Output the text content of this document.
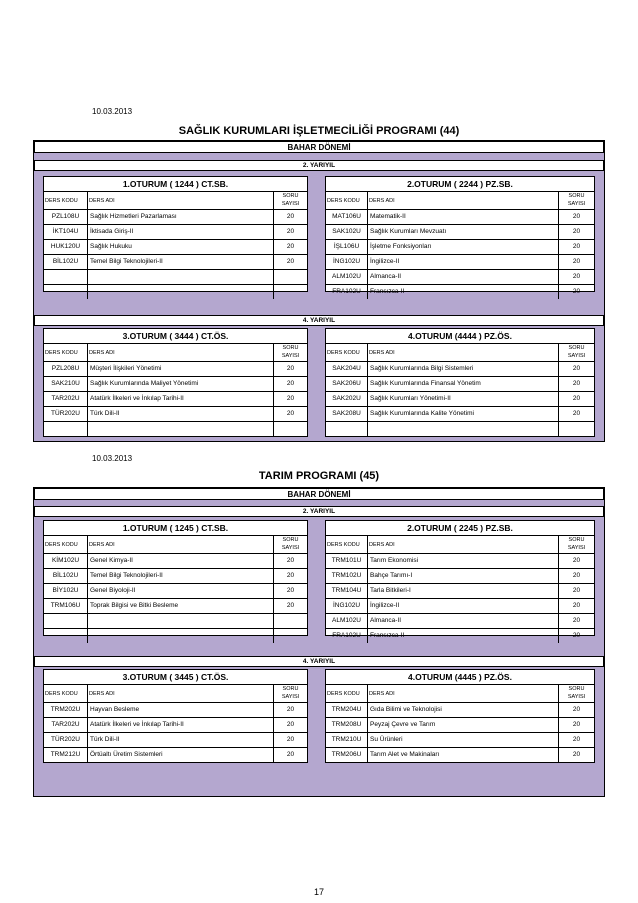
10.03.2013
SAĞLIK KURUMLARI İŞLETMECİLİĞİ PROGRAMI (44)
BAHAR DÖNEMİ
2. YARIYIL
1.OTURUM ( 1244 ) CT.SB.
DERS KODU	DERS ADI
SORU
SAYISI
PZL108U	Sağlık Hizmetleri Pazarlaması	20
İKT104U	İktisada Giriş-II	20
HUK120U	Sağlık Hukuku	20
BİL102U	Temel Bilgi Teknolojileri-II	20
2.OTURUM ( 2244 ) PZ.SB.
DERS KODU	DERS ADI
SORU
SAYISI
MAT106U	Matematik-II	20
SAK102U	Sağlık Kurumları Mevzuatı	20
İŞL106U	İşletme Fonksiyonları	20
İNG102U	İngilizce-II	20
ALM102U	Almanca-II	20
FRA102U	Fransızca-II	20
4. YARIYIL
3.OTURUM ( 3444 ) CT.ÖS.
DERS KODU	DERS ADI
SORU
SAYISI
PZL208U	Müşteri İlişkileri Yönetimi	20
SAK210U	Sağlık Kurumlarında Maliyet Yönetimi	20
TAR202U	Atatürk İlkeleri ve İnkılap Tarihi-II	20
TÜR202U	Türk Dili-II	20
4.OTURUM (4444 ) PZ.ÖS.
DERS KODU	DERS ADI
SORU
SAYISI
SAK204U	Sağlık Kurumlarında Bilgi Sistemleri	20
SAK206U	Sağlık Kurumlarında Finansal Yönetim	20
SAK202U	Sağlık Kurumları Yönetimi-II	20
SAK208U	Sağlık Kurumlarında Kalite Yönetimi	20
10.03.2013
TARIM PROGRAMI (45)
BAHAR DÖNEMİ
2. YARIYIL
1.OTURUM ( 1245 ) CT.SB.
DERS KODU	DERS ADI
SORU
SAYISI
KİM102U	Genel Kimya-II	20
BİL102U	Temel Bilgi Teknolojileri-II	20
BİY102U	Genel Biyoloji-II	20
TRM106U	Toprak Bilgisi ve Bitki Besleme	20
2.OTURUM ( 2245 ) PZ.SB.
DERS KODU	DERS ADI
SORU
SAYISI
TRM101U	Tarım Ekonomisi	20
TRM102U	Bahçe Tarımı-I	20
TRM104U	Tarla Bitkileri-I	20
İNG102U	İngilizce-II	20
ALM102U	Almanca-II	20
FRA102U	Fransızca-II	20
4. YARIYIL
3.OTURUM ( 3445 ) CT.ÖS.
DERS KODU	DERS ADI
SORU
SAYISI
TRM202U	Hayvan Besleme	20
TAR202U	Atatürk İlkeleri ve İnkılap Tarihi-II	20
TÜR202U	Türk Dili-II	20
TRM212U	Örtüaltı Üretim Sistemleri	20
4.OTURUM (4445 ) PZ.ÖS.
DERS KODU	DERS ADI
SORU
SAYISI
TRM204U	Gıda Bilimi ve Teknolojisi	20
TRM208U	Peyzaj Çevre ve Tarım	20
TRM210U	Su Ürünleri	20
TRM206U	Tarım Alet ve Makinaları	20
17
